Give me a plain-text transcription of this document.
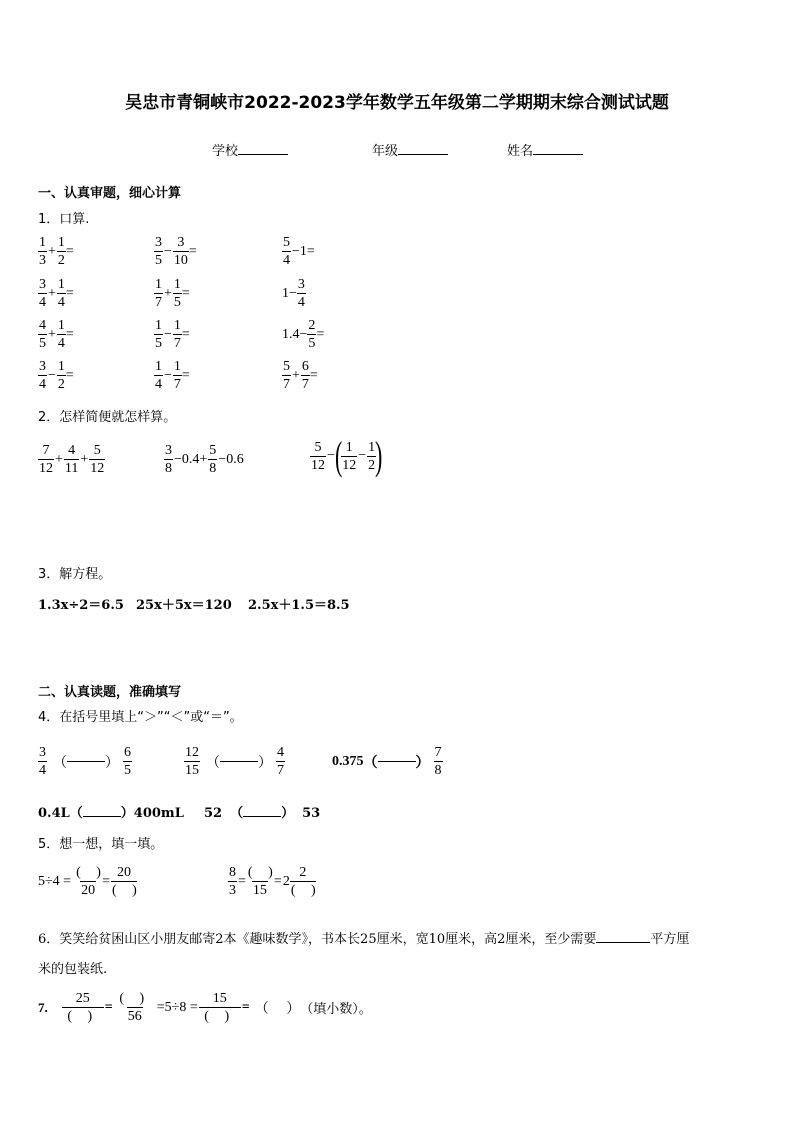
吴忠市青铜峡市2022-2023学年数学五年级第二学期期末综合测试试题
学校	年级	姓名
一、认真审题，细心计算
1．口算.
$\frac{1}{3} + \frac{1}{2}$ =	$\frac{3}{5} - \frac{3}{10}$ =	$\frac{5}{4} -1=$
$\frac{3}{4} + \frac{1}{4}$ =	$\frac{1}{7} + \frac{1}{5}$ =	$1- \frac{3}{4}$
$\frac{4}{5} + \frac{1}{4}$ =	$\frac{1}{5} - \frac{1}{7}$ =	$1.4- \frac{2}{5}$ =
$\frac{3}{4} - \frac{1}{2}$ =	$\frac{1}{4} - \frac{1}{7}$ =	$\frac{5}{7} + \frac{6}{7}$ =
2．怎样简便就怎样算。
$\frac{7}{12} + \frac{4}{11} + \frac{5}{12}$	$\frac{3}{8} -0.4+ \frac{5}{8} -0.6$	$\frac{5}{12}$ − (
$\frac{1}{12} - \frac{1}{2}$
)
3．解方程。
1.3x÷2＝6.5 25x＋5x＝120 2.5x＋1.5＝8.5
二、认真读题，准确填写
4．在括号里填上“＞”“＜”或“＝”。
$\frac{3}{4}$ （	） $\frac{6}{5}$	$\frac{12}{15}$ （	） $\frac{4}{7}$	0.375 （	） $\frac{7}{8}$
0.4L（	）400mL 52 （	） 53
5．想一想，填一填。
$5\div 4 = \frac{( )}{20} = \frac{20}{( )}$	$\frac{8}{3} = \frac{( )}{15} = 2 \frac{2}{( )}$
6．笑笑给贫困山区小朋友邮寄2本《趣味数学》，书本长25厘米，宽10厘米，高2厘米，至少需要	平方厘
米的包装纸.
7. $\frac{25}{( )} = \frac{( )}{56} =5\div 8 = \frac{15}{( )}$ = （     ） （填小数）。
